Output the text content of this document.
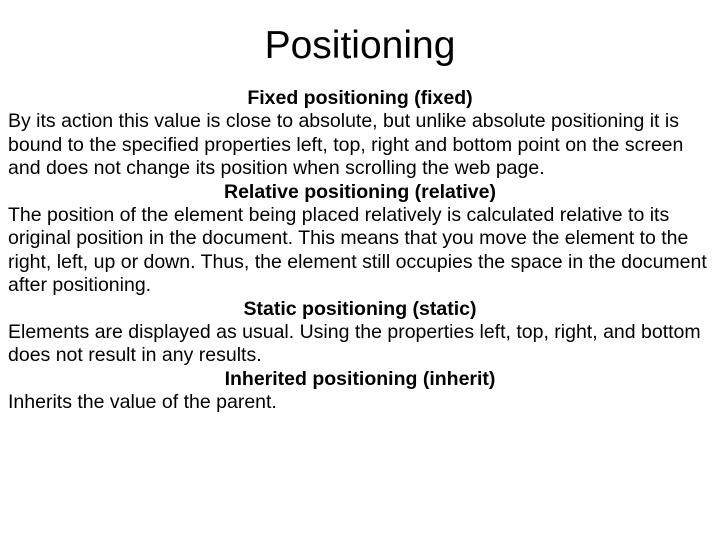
Positioning

Fixed positioning (fixed)

By its action this value is close to absolute, but unlike absolute positioning it is bound to the specified properties left, top, right and bottom point on the screen and does not change its position when scrolling the web page.

Relative positioning (relative)

The position of the element being placed relatively is calculated relative to its original position in the document. This means that you move the element to the right, left, up or down. Thus, the element still occupies the space in the document after positioning.

Static positioning (static)

Elements are displayed as usual. Using the properties left, top, right, and bottom does not result in any results.

Inherited positioning (inherit)

Inherits the value of the parent.
